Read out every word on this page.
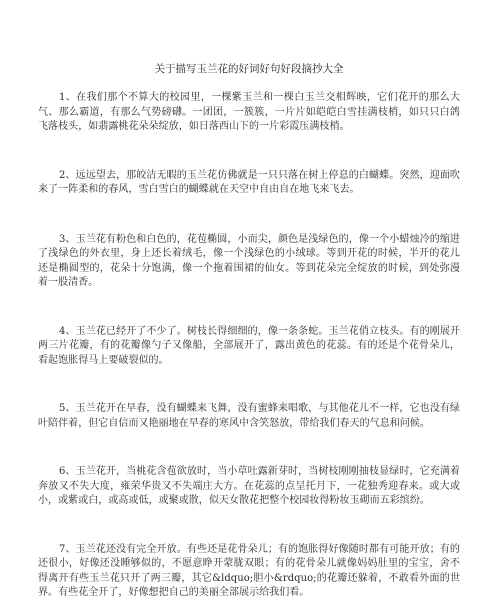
关于描写玉兰花的好词好句好段摘抄大全

1、在我们那个不算大的校园里，一棵紫玉兰和一棵白玉兰交相辉映，它们花开的那么大气、那么霸道，有那么气势磅礴。一团团，一簇簇，一片片如皑皑白雪挂满枝梢，如只只白鸽飞落枝头，如翡露桃花朵朵绽放，如日落西山下的一片彩霞压满枝梢。

2、远远望去，那皎洁无暇的玉兰花仿佛就是一只只落在树上停息的白蝴蝶。突然，迎面吹来了一阵柔和的春风，雪白雪白的蝴蝶就在天空中自由自在地飞来飞去。

3、玉兰花有粉色和白色的，花苞椭圆，小而尖，颜色是浅绿色的，像一个小蜡烛冷的缩进了浅绿色的外衣里，身上还长着绒毛，像一个浅绿色的小绒球。等到开花的时候，半开的花儿还是椭圆型的，花朵十分饱满，像一个拖着围裙的仙女。等到花朵完全绽放的时候，到处弥漫着一股清香。

4、玉兰花已经开了不少了。树枝长得细细的，像一条条蛇。玉兰花俏立枝头。有的刚展开两三片花瓣，有的花瓣像勺子又像船，全部展开了，露出黄色的花蕊。有的还是个花骨朵儿，看起饱胀得马上要破裂似的。

5、玉兰花开在早春，没有蝴蝶来飞舞，没有蜜蜂来唱歌，与其他花儿不一样，它也没有绿叶陪伴着，但它自信而又艳丽地在早春的寒风中含笑怒放，带给我们春天的气息和问候。

6、玉兰花开，当桃花含苞欲放时，当小草吐露新芽时，当树枝刚刚抽枝显绿时，它充满着奔放又不失大度，雍荣华贵又不失端庄大方。在花蕊的点呈托月下，一花独秀迎春来。或大或小，或紫或白，或高或低，或聚或散，似天女散花把整个校园妆得粉妆玉砌而五彩缤纷。

7、玉兰花还没有完全开放。有些还是花骨朵儿；有的饱胀得好像随时都有可能开放；有的还很小，好像还没睡够似的，不愿意睁开蒙胧双眼；有的花骨朵儿就像妈妈肚里的宝宝，舍不得离开有些玉兰花只开了两三瓣，其它&ldquo;胆小&rdquo;的花瓣还躲着，不敢看外面的世界。有些花全开了，好像想把自己的美丽全部展示给我们看。
